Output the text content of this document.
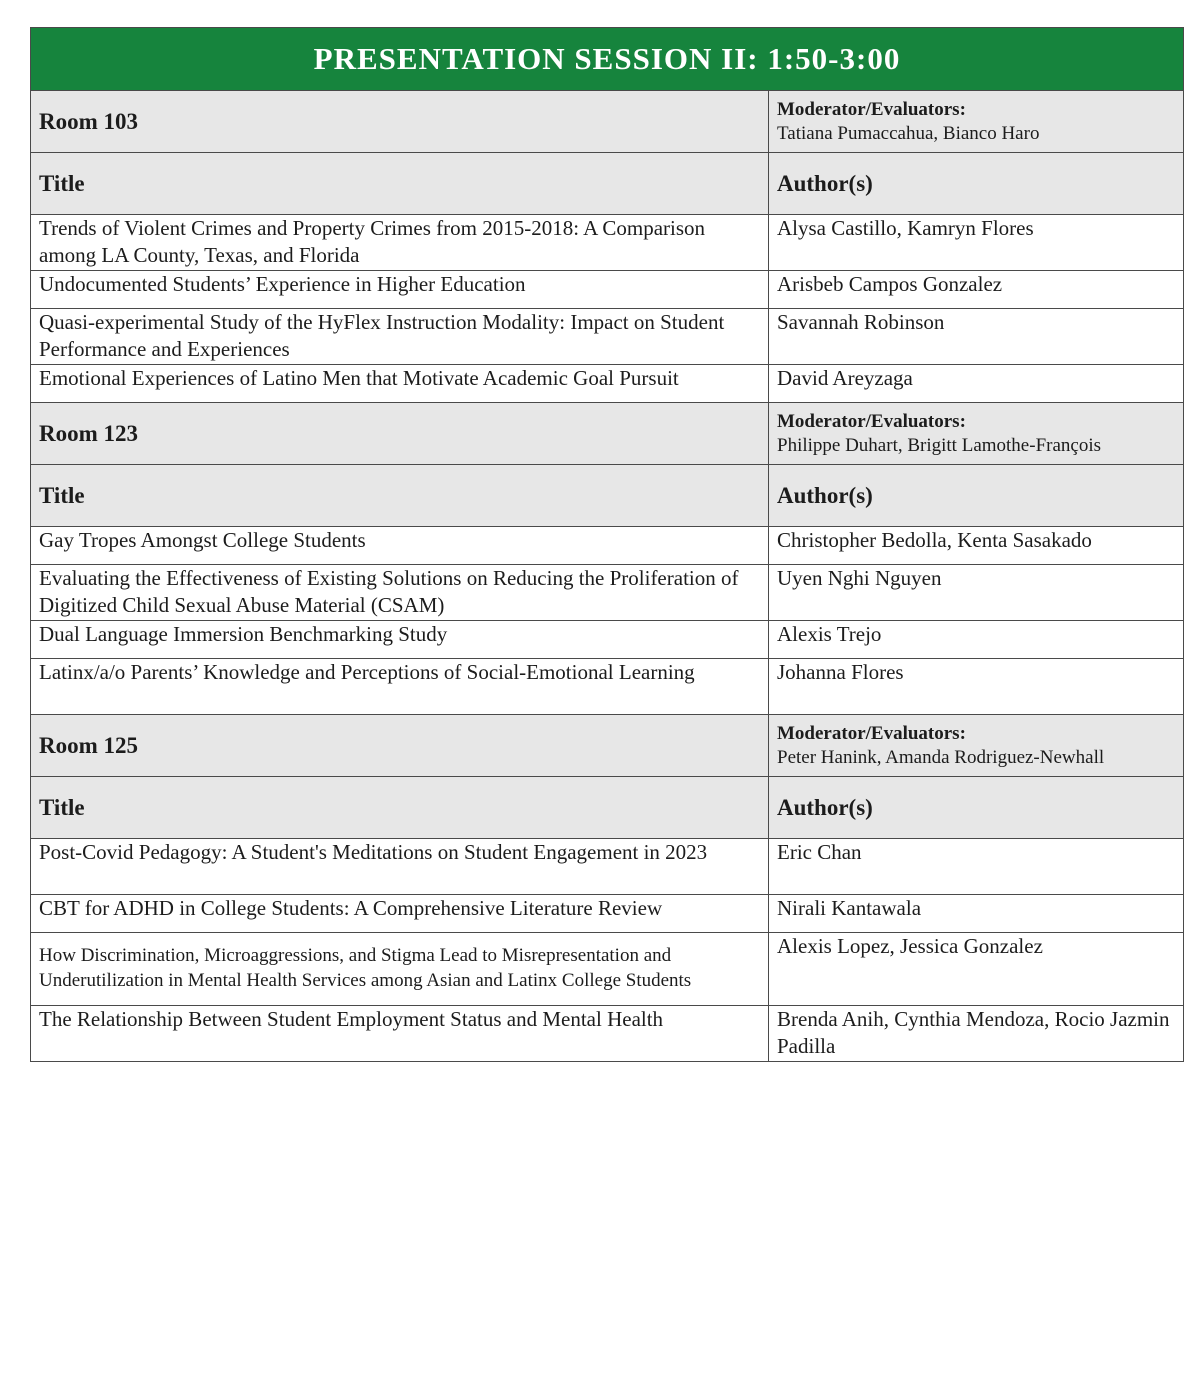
PRESENTATION SESSION II: 1:50-3:00	
Room 103	Moderator/Evaluators:
Tatiana Pumaccahua, Bianco Haro

Title	Author(s)
Trends of Violent Crimes and Property Crimes from 2015-2018: A Comparison among LA County, Texas, and Florida	Alysa Castillo, Kamryn Flores
Undocumented Students’ Experience in Higher Education	Arisbeb Campos Gonzalez
Quasi-experimental Study of the HyFlex Instruction Modality: Impact on Student Performance and Experiences	Savannah Robinson
Emotional Experiences of Latino Men that Motivate Academic Goal Pursuit	David Areyzaga
Room 123	Moderator/Evaluators:
Philippe Duhart, Brigitt Lamothe-François

Title	Author(s)
Gay Tropes Amongst College Students	Christopher Bedolla, Kenta Sasakado
Evaluating the Effectiveness of Existing Solutions on Reducing the Proliferation of Digitized Child Sexual Abuse Material (CSAM)	Uyen Nghi Nguyen
Dual Language Immersion Benchmarking Study	Alexis Trejo
Latinx/a/o Parents’ Knowledge and Perceptions of Social-Emotional Learning	Johanna Flores
Room 125	Moderator/Evaluators:
Peter Hanink, Amanda Rodriguez-Newhall

Title	Author(s)
Post-Covid Pedagogy: A Student's Meditations on Student Engagement in 2023	Eric Chan
CBT for ADHD in College Students: A Comprehensive Literature Review	Nirali Kantawala
How Discrimination, Microaggressions, and Stigma Lead to Misrepresentation and Underutilization in Mental Health Services among Asian and Latinx College Students	Alexis Lopez, Jessica Gonzalez
The Relationship Between Student Employment Status and Mental Health	Brenda Anih, Cynthia Mendoza, Rocio Jazmin Padilla
